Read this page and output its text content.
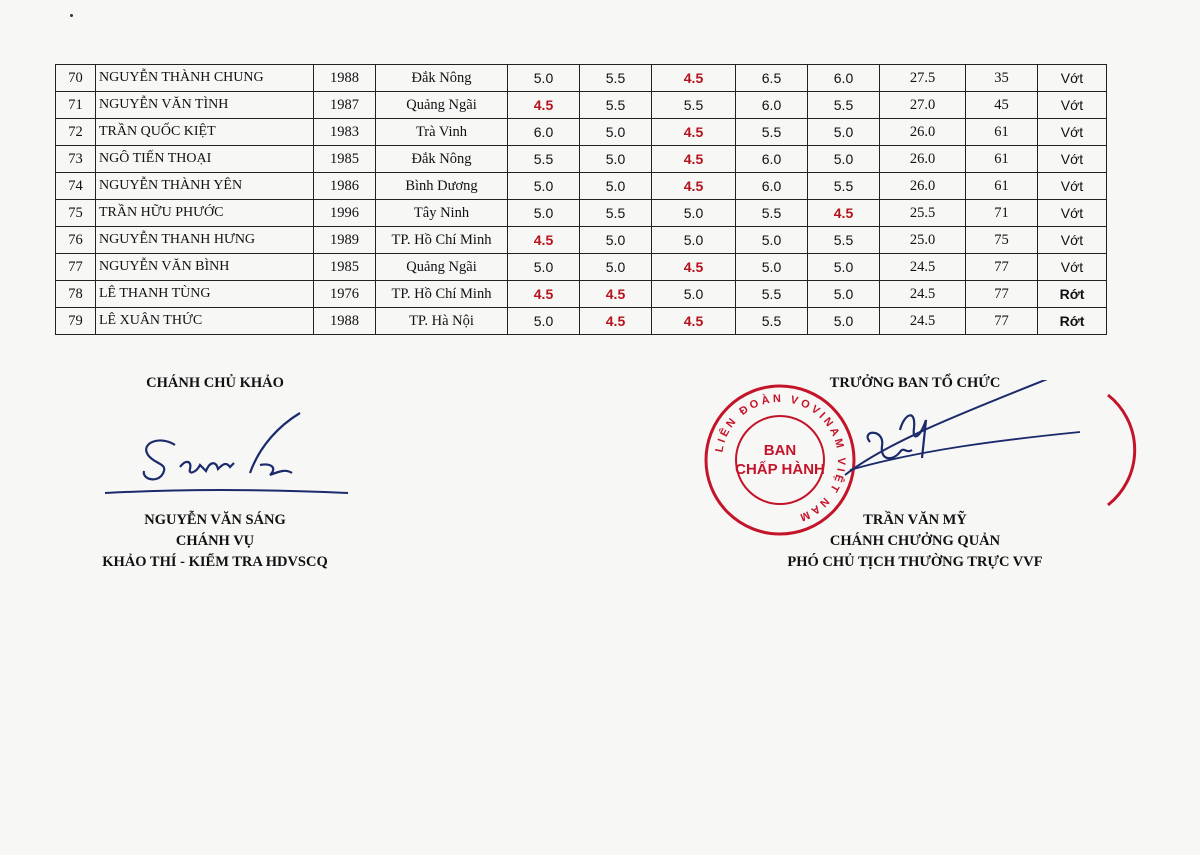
70	NGUYỄN THÀNH CHUNG	1988	Đắk Nông	5.0	5.5	4.5	6.5	6.0	27.5	35	Vớt
71	NGUYỄN VĂN TÌNH	1987	Quảng Ngãi	4.5	5.5	5.5	6.0	5.5	27.0	45	Vớt
72	TRẦN QUỐC KIỆT	1983	Trà Vinh	6.0	5.0	4.5	5.5	5.0	26.0	61	Vớt
73	NGÔ TIẾN THOẠI	1985	Đắk Nông	5.5	5.0	4.5	6.0	5.0	26.0	61	Vớt
74	NGUYỄN THÀNH YÊN	1986	Bình Dương	5.0	5.0	4.5	6.0	5.5	26.0	61	Vớt
75	TRẦN HỮU PHƯỚC	1996	Tây Ninh	5.0	5.5	5.0	5.5	4.5	25.5	71	Vớt
76	NGUYỄN THANH HƯNG	1989	TP. Hồ Chí Minh	4.5	5.0	5.0	5.0	5.5	25.0	75	Vớt
77	NGUYỄN VĂN BÌNH	1985	Quảng Ngãi	5.0	5.0	4.5	5.0	5.0	24.5	77	Vớt
78	LÊ THANH TÙNG	1976	TP. Hồ Chí Minh	4.5	4.5	5.0	5.5	5.0	24.5	77	Rớt
79	LÊ XUÂN THỨC	1988	TP. Hà Nội	5.0	4.5	4.5	5.5	5.0	24.5	77	Rớt
CHÁNH CHỦ KHẢO
NGUYỄN VĂN SÁNG
CHÁNH VỤ
KHẢO THÍ - KIỂM TRA HDVSCQ
TRƯỞNG BAN TỔ CHỨC
LIÊN ĐOÀN VOVINAM VIỆT NAM
BAN
CHẤP HÀNH
TRẦN VĂN MỸ
CHÁNH CHƯỞNG QUẢN
PHÓ CHỦ TỊCH THƯỜNG TRỰC VVF
